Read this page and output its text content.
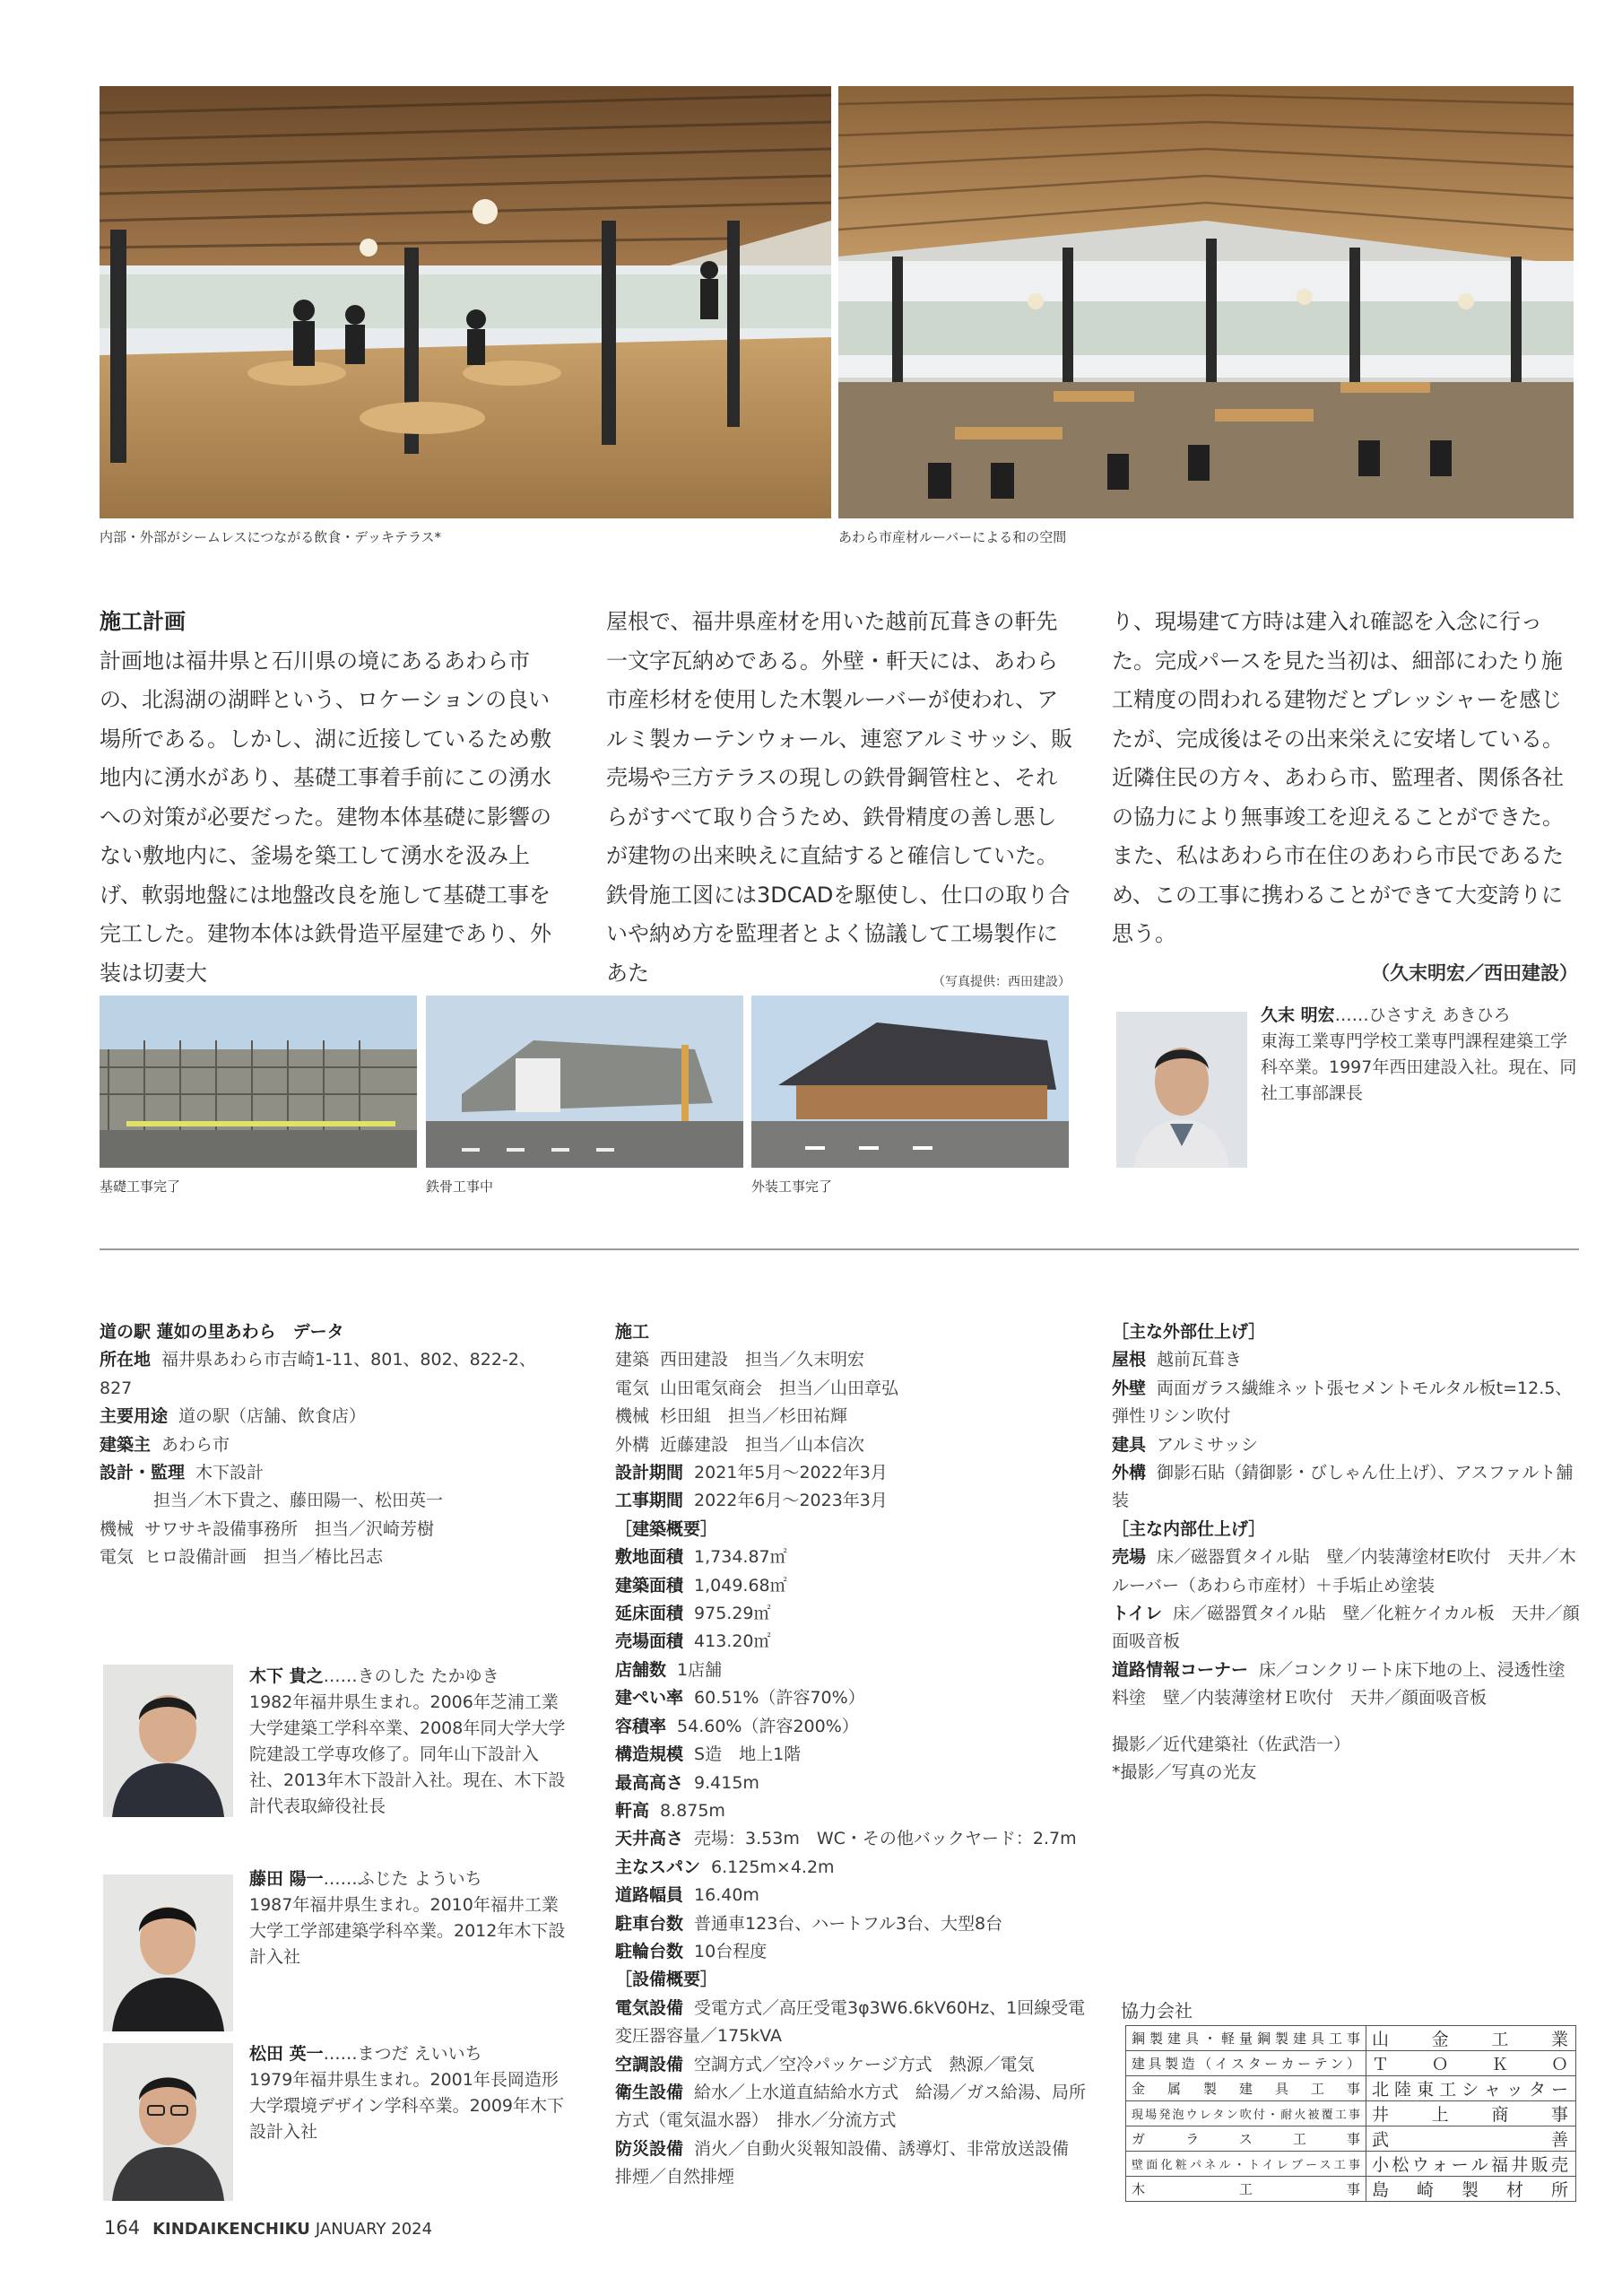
内部・外部がシームレスにつながる飲食・デッキテラス*	あわら市産材ルーバーによる和の空間

施工計画

計画地は福井県と石川県の境にあるあわら市の、北潟湖の湖畔という、ロケーションの良い場所である。しかし、湖に近接しているため敷地内に湧水があり、基礎工事着手前にこの湧水への対策が必要だった。建物本体基礎に影響のない敷地内に、釜場を築工して湧水を汲み上げ、軟弱地盤には地盤改良を施して基礎工事を完工した。建物本体は鉄骨造平屋建であり、外装は切妻大

屋根で、福井県産材を用いた越前瓦葺きの軒先一文字瓦納めである。外壁・軒天には、あわら市産杉材を使用した木製ルーバーが使われ、アルミ製カーテンウォール、連窓アルミサッシ、販売場や三方テラスの現しの鉄骨鋼管柱と、それらがすべて取り合うため、鉄骨精度の善し悪しが建物の出来映えに直結すると確信していた。鉄骨施工図には3DCADを駆使し、仕口の取り合いや納め方を監理者とよく協議して工場製作にあた

り、現場建て方時は建入れ確認を入念に行った。完成パースを見た当初は、細部にわたり施工精度の問われる建物だとプレッシャーを感じたが、完成後はその出来栄えに安堵している。

近隣住民の方々、あわら市、監理者、関係各社の協力により無事竣工を迎えることができた。また、私はあわら市在住のあわら市民であるため、この工事に携わることができて大変誇りに思う。

（久末明宏／西田建設）

（写真提供：西田建設）
基礎工事完了	鉄骨工事中	外装工事完了
久末 明宏……ひさすえ あきひろ
東海工業専門学校工業専門課程建築工学科卒業。1997年西田建設入社。現在、同社工事部課長
道の駅 蓮如の里あわら　データ
所在地 福井県あわら市吉崎1-11、801、802、822-2、827
主要用途 道の駅（店舗、飲食店）
建築主 あわら市
設計・監理 木下設計
担当／木下貴之、藤田陽一、松田英一
機械 サワサキ設備事務所　担当／沢崎芳樹
電気 ヒロ設備計画　担当／椿比呂志
木下 貴之……きのした たかゆき
1982年福井県生まれ。2006年芝浦工業大学建築工学科卒業、2008年同大学大学院建設工学専攻修了。同年山下設計入社、2013年木下設計入社。現在、木下設計代表取締役社長
藤田 陽一……ふじた よういち
1987年福井県生まれ。2010年福井工業大学工学部建築学科卒業。2012年木下設計入社
松田 英一……まつだ えいいち
1979年福井県生まれ。2001年長岡造形大学環境デザイン学科卒業。2009年木下設計入社
施工
建築 西田建設　担当／久末明宏
電気 山田電気商会　担当／山田章弘
機械 杉田組　担当／杉田祐輝
外構 近藤建設　担当／山本信次
設計期間 2021年5月～2022年3月
工事期間 2022年6月～2023年3月
［建築概要］
敷地面積 1,734.87㎡
建築面積 1,049.68㎡
延床面積 975.29㎡
売場面積 413.20㎡
店舗数 1店舗
建ぺい率 60.51%（許容70%）
容積率 54.60%（許容200%）
構造規模 S造　地上1階
最高高さ 9.415m
軒高 8.875m
天井高さ 売場：3.53m　WC・その他バックヤード：2.7m
主なスパン 6.125m×4.2m
道路幅員 16.40m
駐車台数 普通車123台、ハートフル3台、大型8台
駐輪台数 10台程度
［設備概要］
電気設備 受電方式／高圧受電3φ3W6.6kV60Hz、1回線受電　変圧器容量／175kVA
空調設備 空調方式／空冷パッケージ方式　熱源／電気
衛生設備 給水／上水道直結給水方式　給湯／ガス給湯、局所方式（電気温水器）　排水／分流方式
防災設備 消火／自動火災報知設備、誘導灯、非常放送設備　排煙／自然排煙
［主な外部仕上げ］
屋根 越前瓦葺き
外壁 両面ガラス繊維ネット張セメントモルタル板t=12.5、弾性リシン吹付
建具 アルミサッシ
外構 御影石貼（錆御影・びしゃん仕上げ）、アスファルト舗装
［主な内部仕上げ］
売場 床／磁器質タイル貼　壁／内装薄塗材E吹付　天井／木ルーバー（あわら市産材）＋手垢止め塗装
トイレ 床／磁器質タイル貼　壁／化粧ケイカル板　天井／顔面吸音板
道路情報コーナー 床／コンクリート床下地の上、浸透性塗料塗　壁／内装薄塗材Ｅ吹付　天井／顔面吸音板
撮影／近代建築社（佐武浩一）
*撮影／写真の光友
協力会社
鋼製建具・軽量鋼製建具工事	山金工業
建具製造（イスターカーテン）	ＴＯＫＯ
金属製建具工事	北陸東工シャッター
現場発泡ウレタン吹付・耐火被覆工事	井上商事
ガラス工事	武善
壁面化粧パネル・トイレブース工事	小松ウォール福井販売
木工事	島崎製材所
164 KINDAIKENCHIKU JANUARY 2024
